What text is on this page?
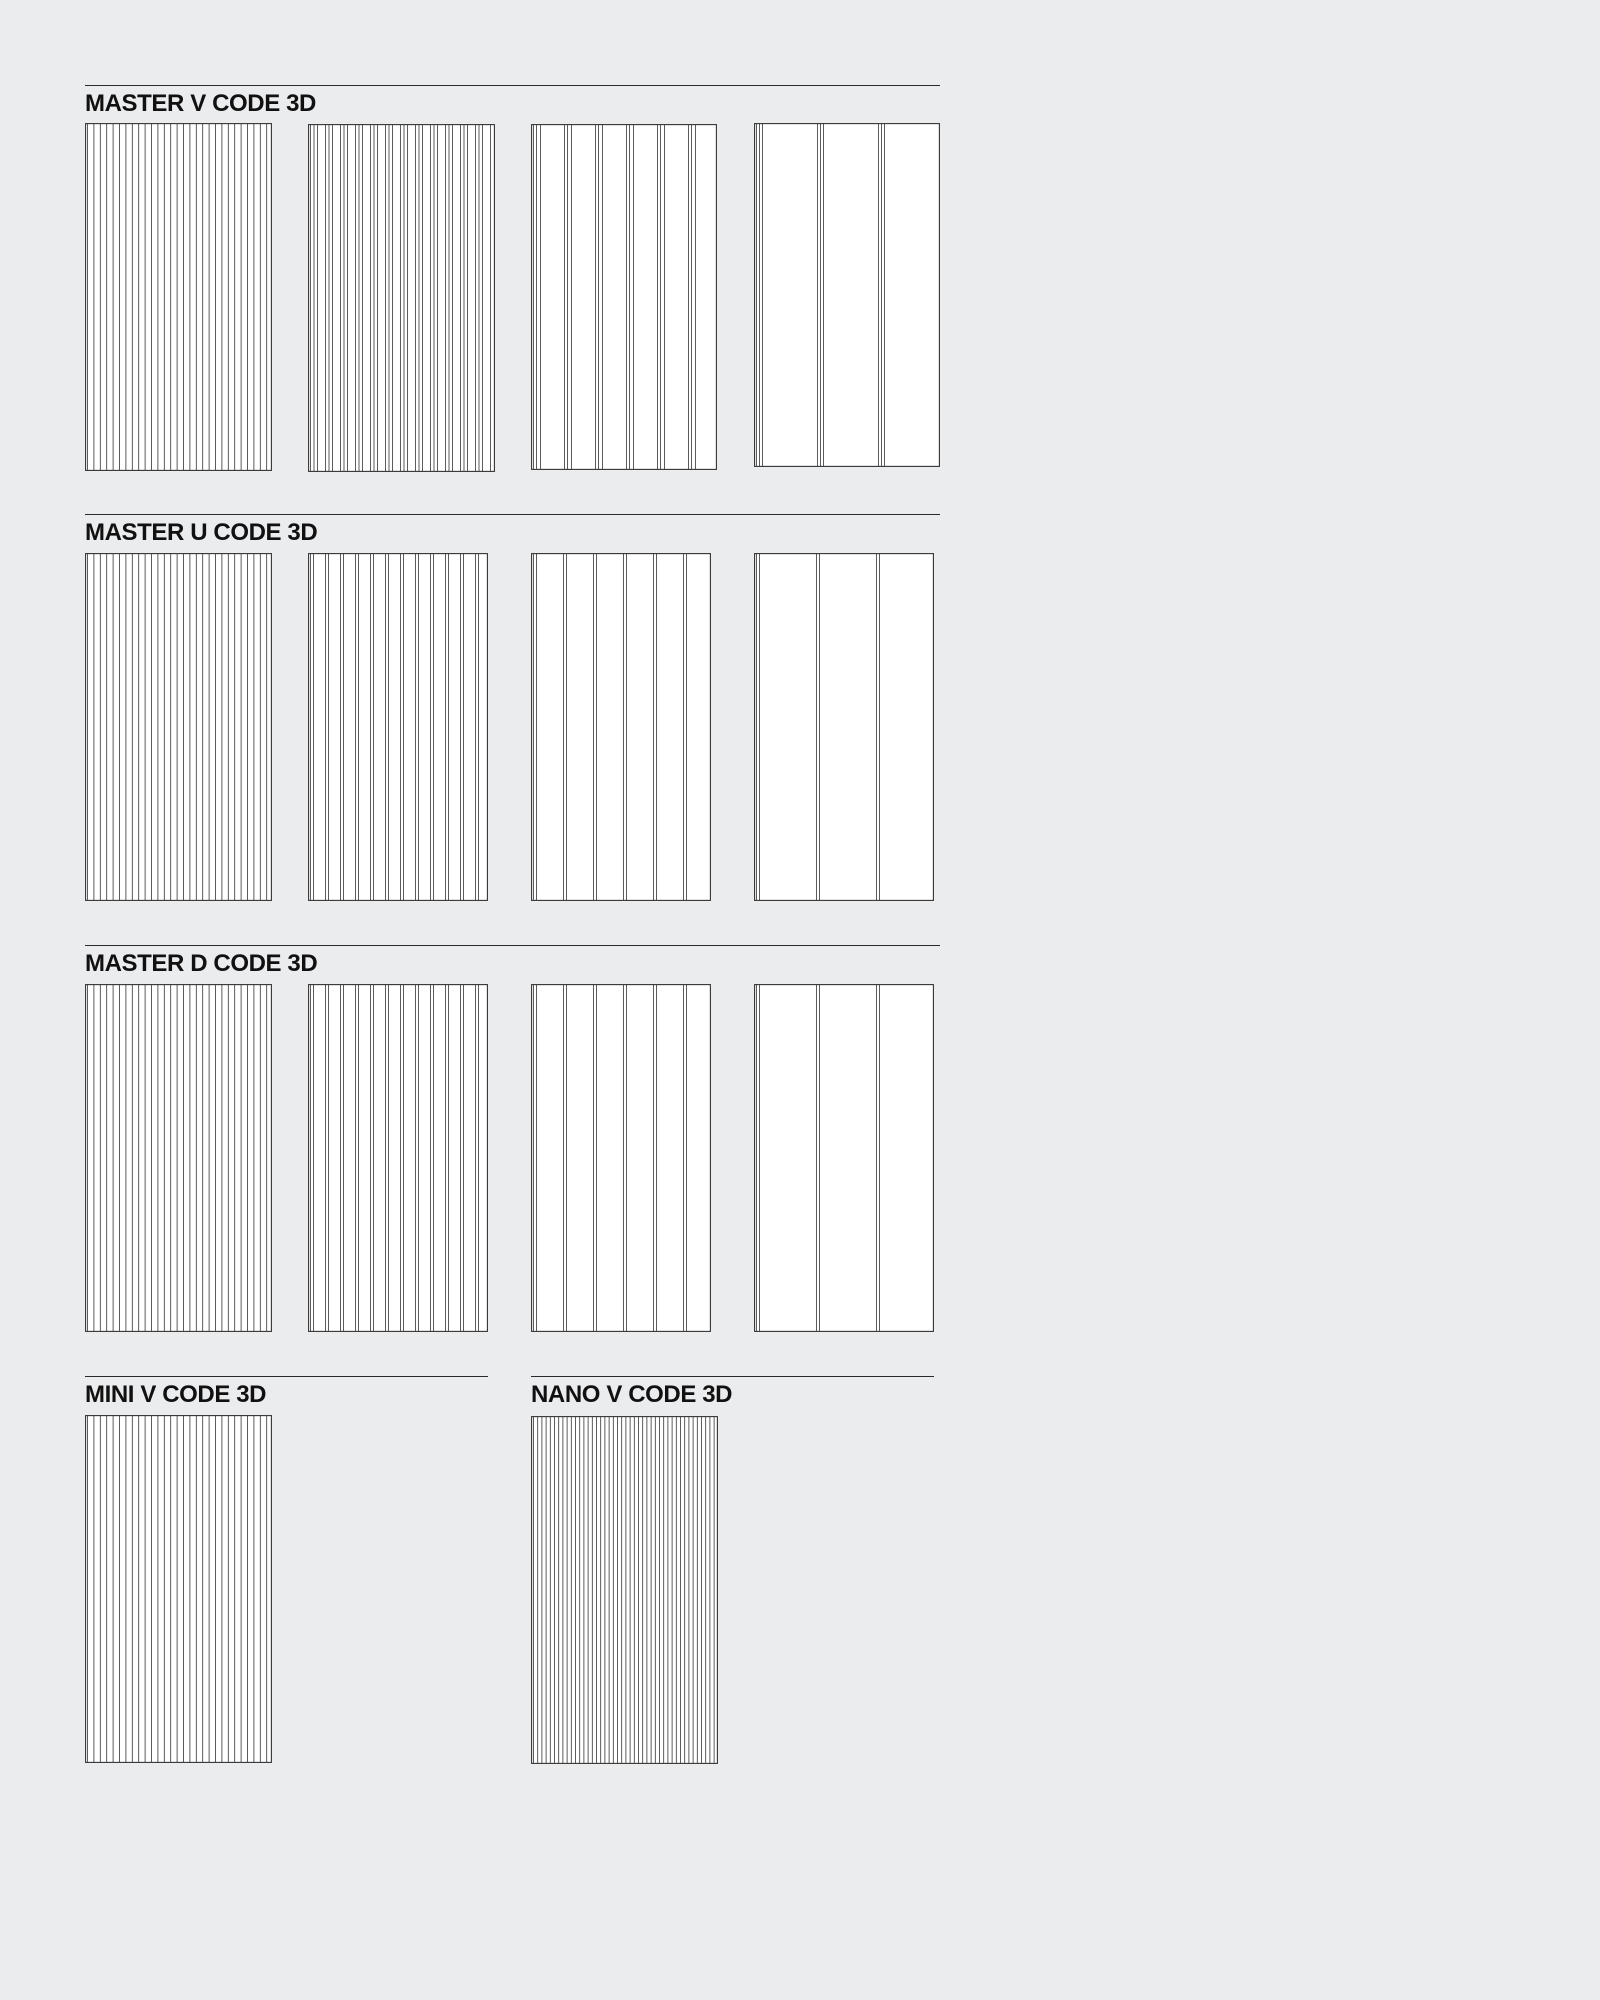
MASTER V CODE 3D
MASTER U CODE 3D
MASTER D CODE 3D
MINI V CODE 3D	NANO V CODE 3D
